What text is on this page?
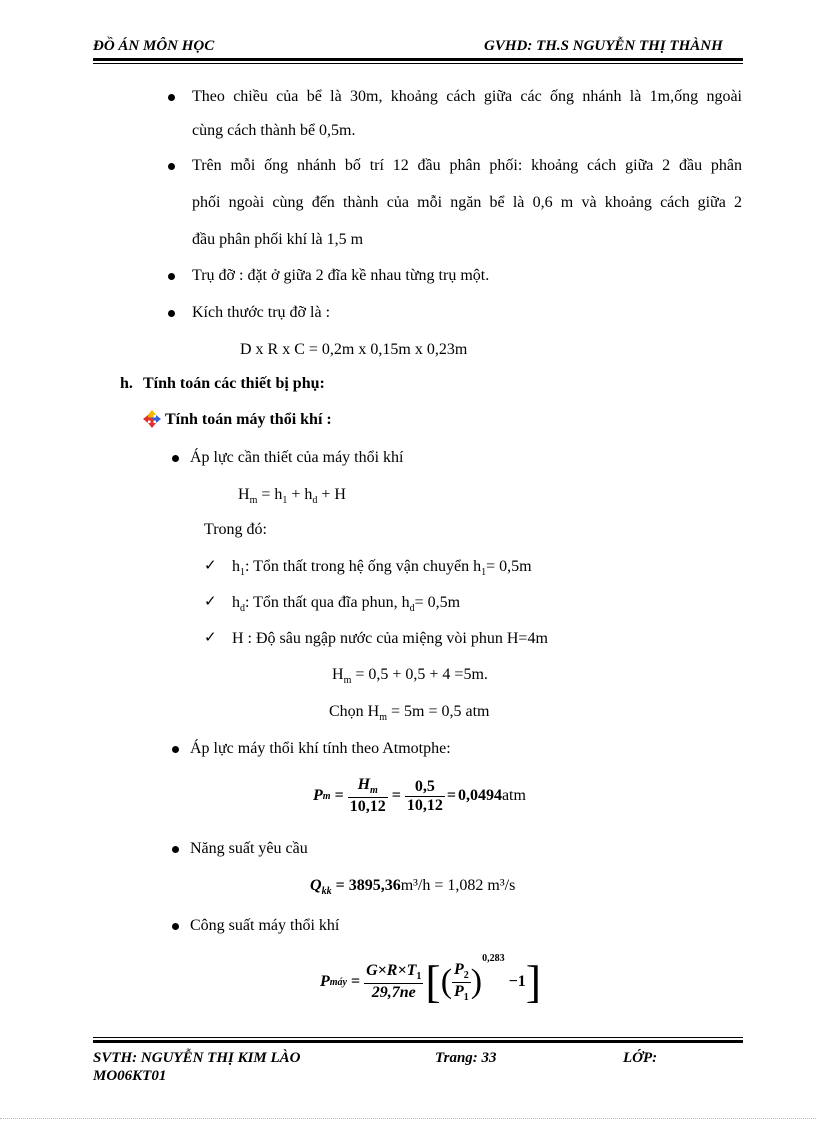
ĐỒ ÁN MÔN HỌC	GVHD: TH.S NGUYỄN THỊ THÀNH
Theo chiều của bể là 30m, khoảng cách giữa các ống nhánh là 1m,ống ngoài
cùng cách thành bể 0,5m.
Trên mỗi ống nhánh bố trí 12 đầu phân phối: khoảng cách giữa 2 đầu phân
phối ngoài cùng đến thành của mỗi ngăn bể là 0,6 m và khoảng cách giữa 2
đầu phân phối khí là 1,5 m
Trụ đỡ : đặt ở giữa 2 đĩa kề nhau từng trụ một.
Kích thước trụ đỡ là :
D x R x C = 0,2m x 0,15m x 0,23m
h. Tính toán các thiết bị phụ:
Tính toán máy thổi khí :
Áp lực cần thiết của máy thổi khí
$H_m = h_1 + h_d + H$
Trong đó:
✓ $h_1$: Tổn thất trong hệ ống vận chuyển $h_1= 0,5m$
✓ $h_d$: Tổn thất qua đĩa phun, $h_d= 0,5m$
✓ H : Độ sâu ngập nước của miệng vòi phun H=4m
$H_m = 0,5 + 0,5 + 4 =5m$.
Chọn $H_m = 5m = 0,5$ atm
Áp lực máy thổi khí tính theo Atmotphe:
P $m = \frac{H_m}{10,12} = \frac{0,5}{10,12} = 0,0494$ atm
Năng suất yêu cầu
$Q_{kk} = 3895,36m^3/h = 1,082$ m³/s
Công suất máy thổi khí
P máy = $\frac{G\times R\times T_1}{29,7ne}$ [ ( $\frac{P_2}{P_1}$ )
0,283
−1 ]
SVTH: NGUYỄN THỊ KIM LÀO	Trang: 33	LỚP:
MO06KT01
